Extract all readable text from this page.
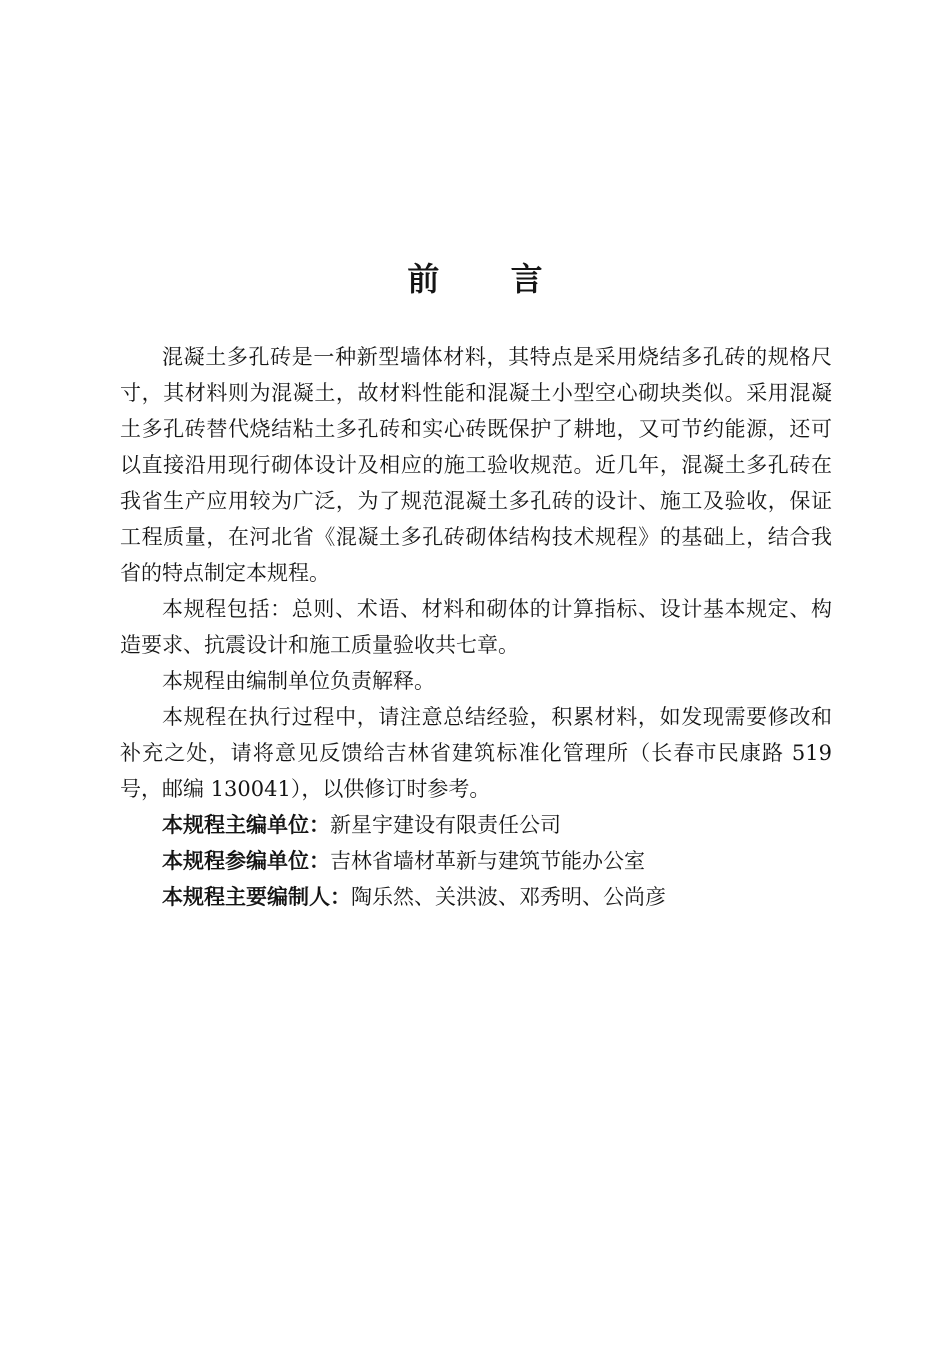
前 言

混凝土多孔砖是一种新型墙体材料，其特点是采用烧结多孔砖的规格尺寸，其材料则为混凝土，故材料性能和混凝土小型空心砌块类似。采用混凝土多孔砖替代烧结粘土多孔砖和实心砖既保护了耕地，又可节约能源，还可以直接沿用现行砌体设计及相应的施工验收规范。近几年，混凝土多孔砖在我省生产应用较为广泛，为了规范混凝土多孔砖的设计、施工及验收，保证工程质量，在河北省《混凝土多孔砖砌体结构技术规程》的基础上，结合我省的特点制定本规程。

本规程包括：总则、术语、材料和砌体的计算指标、设计基本规定、构造要求、抗震设计和施工质量验收共七章。

本规程由编制单位负责解释。

本规程在执行过程中，请注意总结经验，积累材料，如发现需要修改和补充之处，请将意见反馈给吉林省建筑标准化管理所（长春市民康路 519 号，邮编 130041），以供修订时参考。

本规程主编单位：新星宇建设有限责任公司

本规程参编单位：吉林省墙材革新与建筑节能办公室

本规程主要编制人：陶乐然、关洪波、邓秀明、公尚彦
